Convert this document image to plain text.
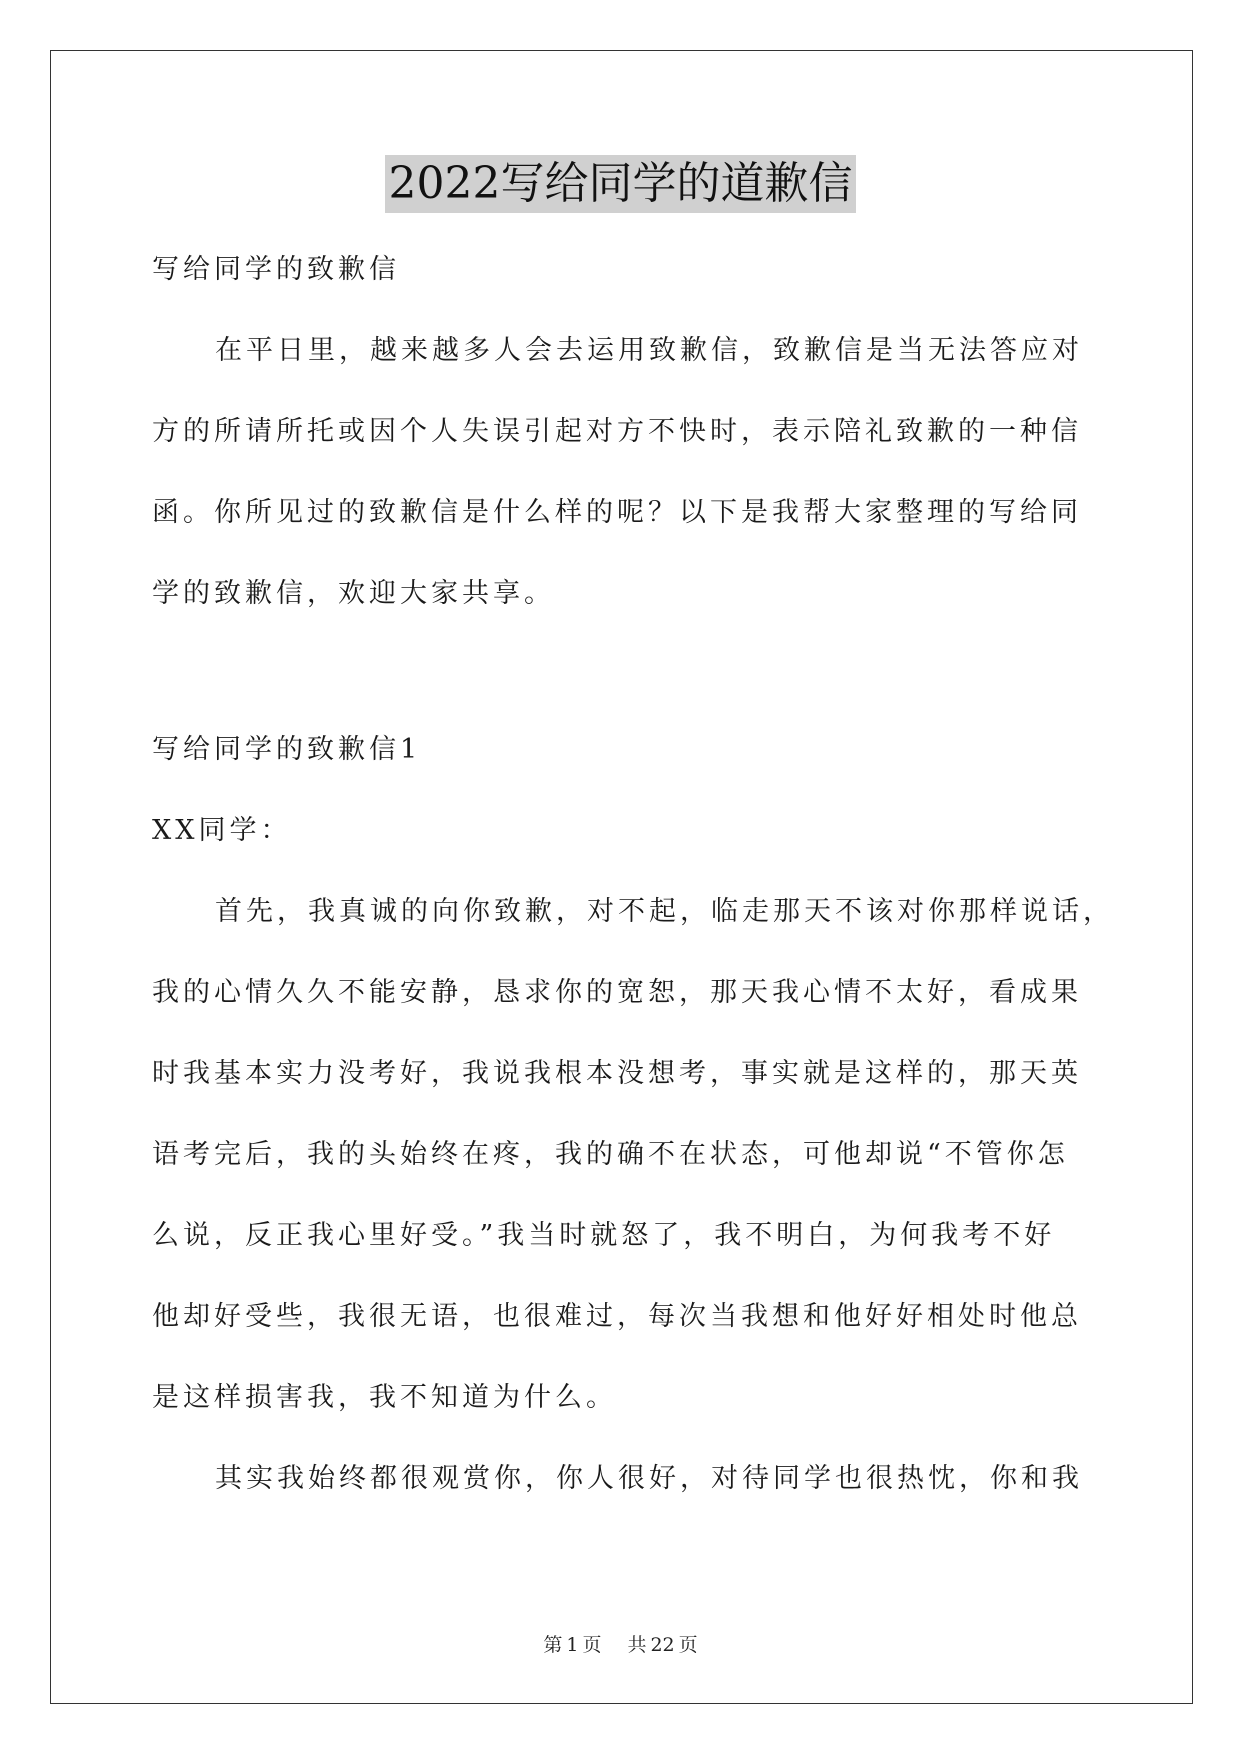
2022写给同学的道歉信
写给同学的致歉信
在平日里，越来越多人会去运用致歉信，致歉信是当无法答应对
方的所请所托或因个人失误引起对方不快时，表示陪礼致歉的一种信
函。你所见过的致歉信是什么样的呢？以下是我帮大家整理的写给同
学的致歉信，欢迎大家共享。
写给同学的致歉信1
XX同学：
首先，我真诚的向你致歉，对不起，临走那天不该对你那样说话，
我的心情久久不能安静，恳求你的宽恕，那天我心情不太好，看成果
时我基本实力没考好，我说我根本没想考，事实就是这样的，那天英
语考完后，我的头始终在疼，我的确不在状态，可他却说“不管你怎
么说，反正我心里好受。”我当时就怒了，我不明白，为何我考不好
他却好受些，我很无语，也很难过，每次当我想和他好好相处时他总
是这样损害我，我不知道为什么。
其实我始终都很观赏你，你人很好，对待同学也很热忱，你和我
第 1 页 共 22 页
